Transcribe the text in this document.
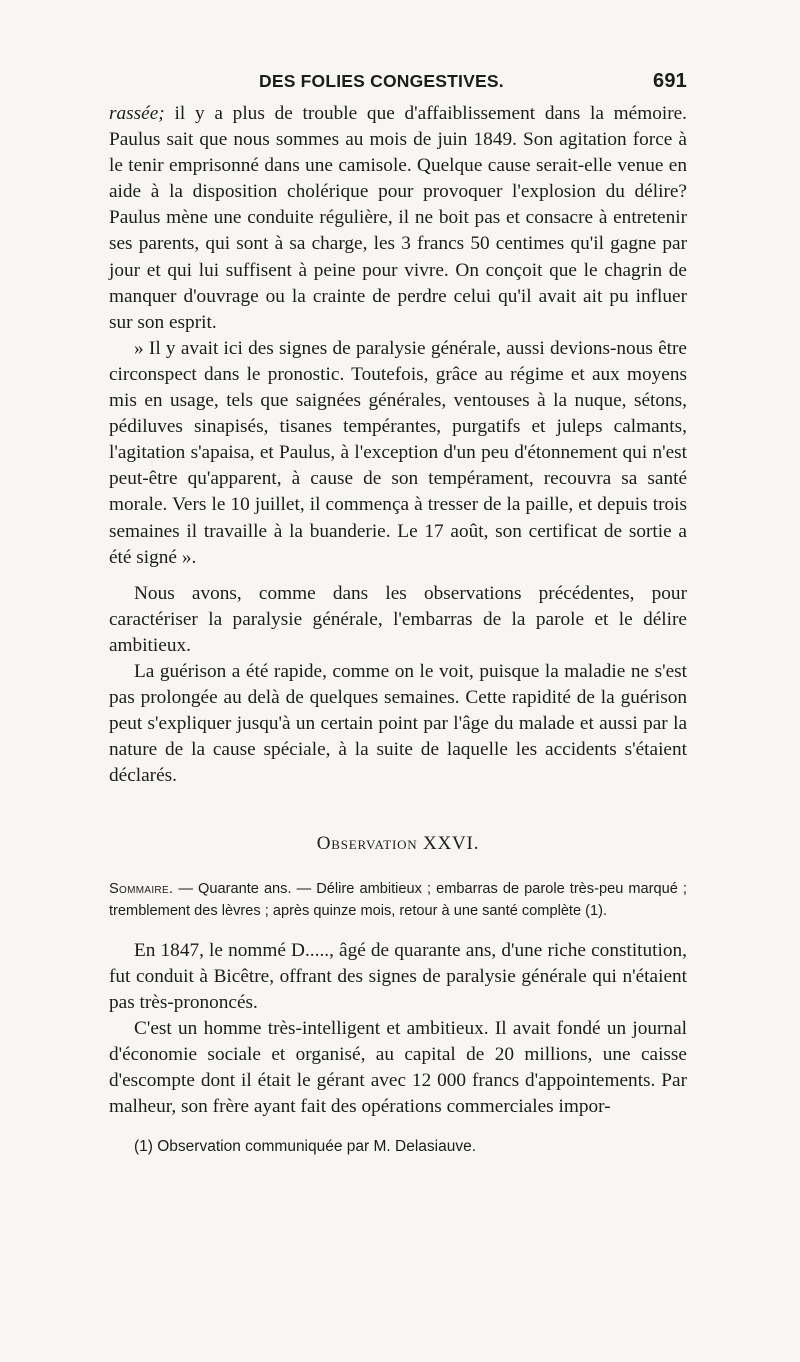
DES FOLIES CONGESTIVES.	691

rassée; il y a plus de trouble que d'affaiblissement dans la mémoire. Paulus sait que nous sommes au mois de juin 1849. Son agitation force à le tenir emprisonné dans une camisole. Quelque cause serait-elle venue en aide à la disposition cholérique pour provoquer l'explosion du délire? Paulus mène une conduite régulière, il ne boit pas et consacre à entretenir ses parents, qui sont à sa charge, les 3 francs 50 centimes qu'il gagne par jour et qui lui suffisent à peine pour vivre. On conçoit que le chagrin de manquer d'ouvrage ou la crainte de perdre celui qu'il avait ait pu influer sur son esprit.

» Il y avait ici des signes de paralysie générale, aussi devions-nous être circonspect dans le pronostic. Toutefois, grâce au régime et aux moyens mis en usage, tels que saignées générales, ventouses à la nuque, sétons, pédiluves sinapisés, tisanes tempérantes, purgatifs et juleps calmants, l'agitation s'apaisa, et Paulus, à l'exception d'un peu d'étonnement qui n'est peut-être qu'apparent, à cause de son tempérament, recouvra sa santé morale. Vers le 10 juillet, il commença à tresser de la paille, et depuis trois semaines il travaille à la buanderie. Le 17 août, son certificat de sortie a été signé ».

Nous avons, comme dans les observations précédentes, pour caractériser la paralysie générale, l'embarras de la parole et le délire ambitieux.

La guérison a été rapide, comme on le voit, puisque la maladie ne s'est pas prolongée au delà de quelques semaines. Cette rapidité de la guérison peut s'expliquer jusqu'à un certain point par l'âge du malade et aussi par la nature de la cause spéciale, à la suite de laquelle les accidents s'étaient déclarés.

Observation XXVI.
Sommaire. — Quarante ans. — Délire ambitieux ; embarras de parole très-peu marqué ; tremblement des lèvres ; après quinze mois, retour à une santé complète (1).

En 1847, le nommé D....., âgé de quarante ans, d'une riche constitution, fut conduit à Bicêtre, offrant des signes de paralysie générale qui n'étaient pas très-prononcés.

C'est un homme très-intelligent et ambitieux. Il avait fondé un journal d'économie sociale et organisé, au capital de 20 millions, une caisse d'escompte dont il était le gérant avec 12 000 francs d'appointements. Par malheur, son frère ayant fait des opérations commerciales impor-

(1) Observation communiquée par M. Delasiauve.
